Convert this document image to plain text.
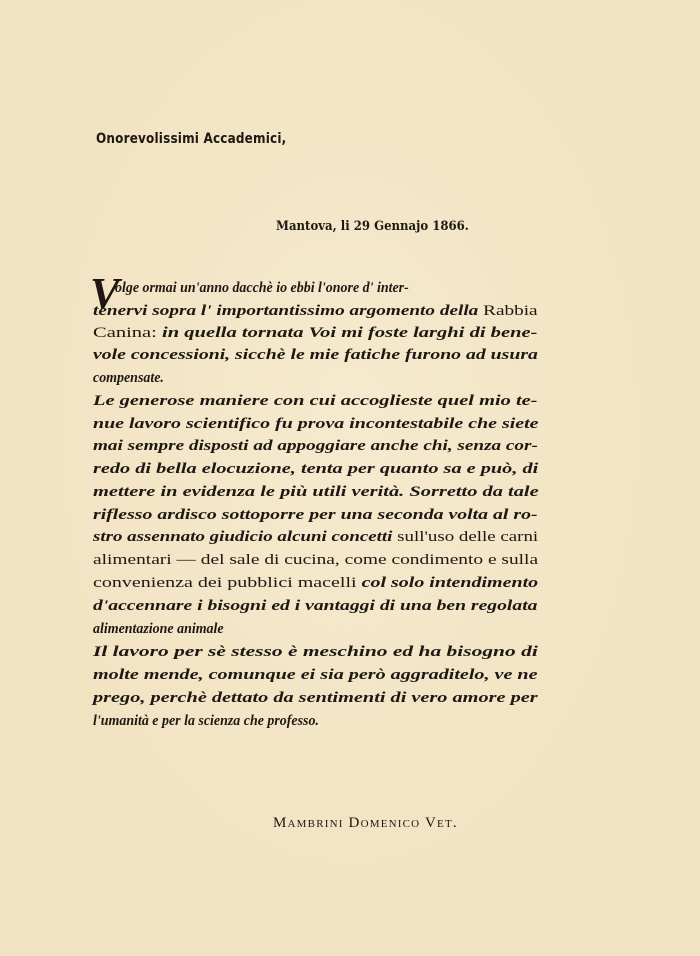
Onorevolissimi Accademici,
Mantova, li 29 Gennajo 1866.
V
olge ormai un'anno dacchè io ebbi l'onore d' inter-
tenervi sopra l' importantissimo argomento della Rabbia
Canina: in quella tornata Voi mi foste larghi di bene-
vole concessioni, sicchè le mie fatiche furono ad usura
compensate.
Le generose maniere con cui accoglieste quel mio te-
nue lavoro scientifico fu prova incontestabile che siete
mai sempre disposti ad appoggiare anche chi, senza cor-
redo di bella elocuzione, tenta per quanto sa e può, di
mettere in evidenza le più utili verità. Sorretto da tale
riflesso ardisco sottoporre per una seconda volta al ro-
stro assennato giudicio alcuni concetti sull'uso delle carni
alimentari — del sale di cucina, come condimento e sulla
convenienza dei pubblici macelli col solo intendimento
d'accennare i bisogni ed i vantaggi di una ben regolata
alimentazione animale
Il lavoro per sè stesso è meschino ed ha bisogno di
molte mende, comunque ei sia però aggraditelo, ve ne
prego, perchè dettato da sentimenti di vero amore per
l'umanità e per la scienza che professo.
Mambrini Domenico Vet.
